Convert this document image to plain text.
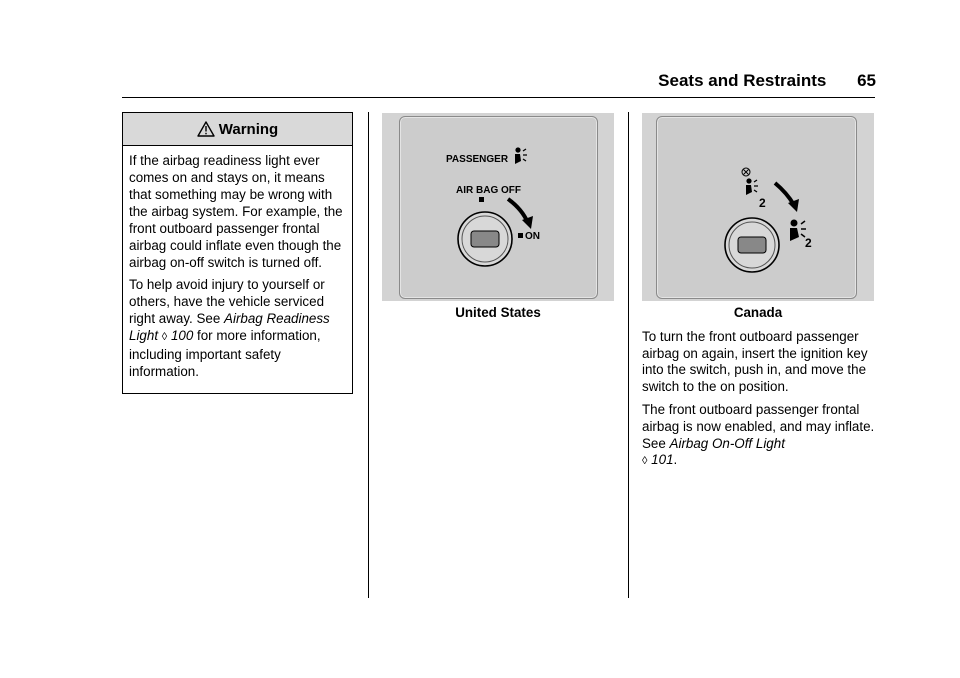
Seats and Restraints 65
Warning

If the airbag readiness light ever comes on and stays on, it means that something may be wrong with the airbag system. For example, the front outboard passenger frontal airbag could inflate even though the airbag on-off switch is turned off.

To help avoid injury to yourself or others, have the vehicle serviced right away. See Airbag Readiness Light ◊ 100 for more information, including important safety information.

PASSENGER
AIR BAG OFF
ON
United States
2
2
Canada

To turn the front outboard passenger airbag on again, insert the ignition key into the switch, push in, and move the switch to the on position.

The front outboard passenger frontal airbag is now enabled, and may inflate. See Airbag On-Off Light
◊ 101.
